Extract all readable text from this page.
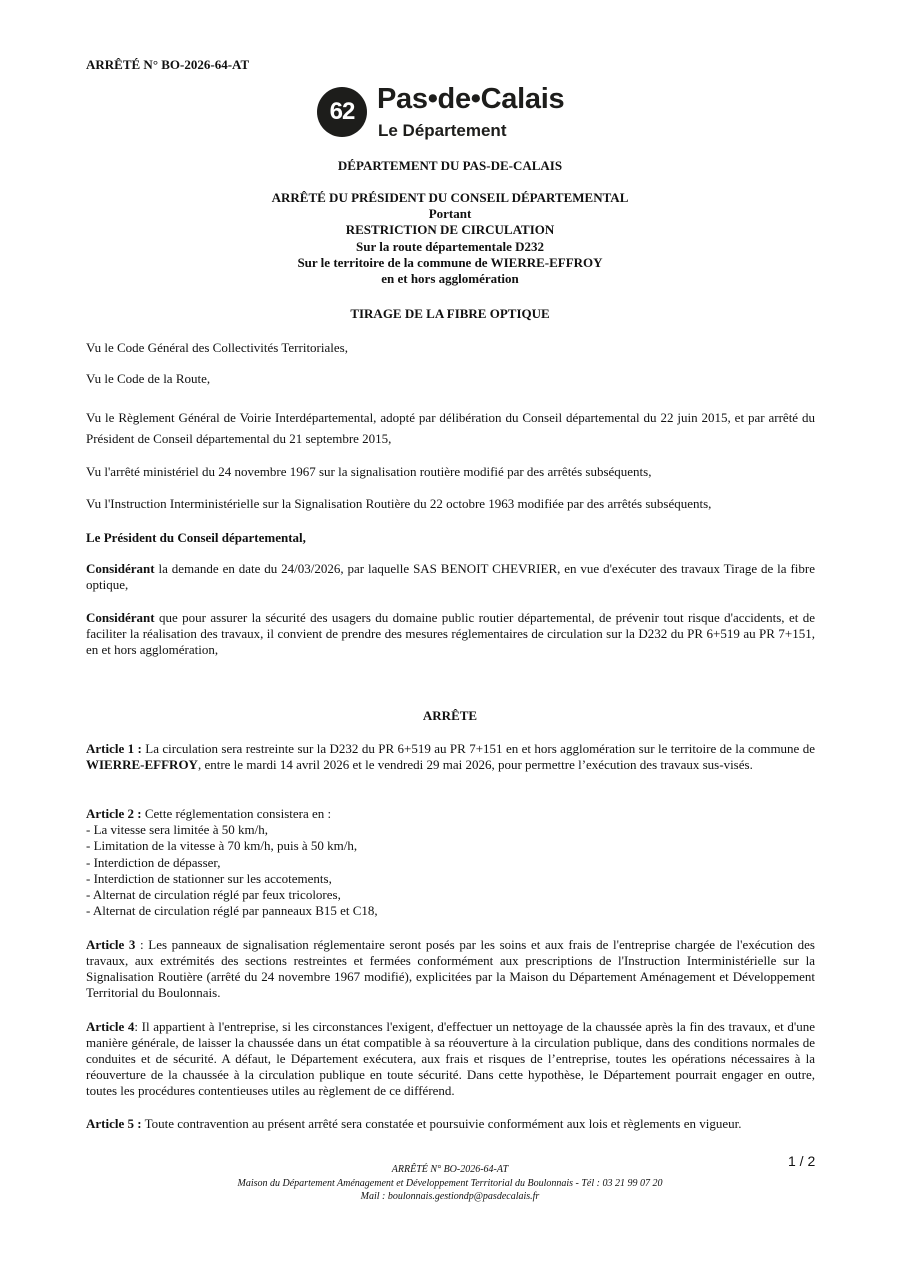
ARRÊTÉ N° BO-2026-64-AT
62 Pas•de•Calais
Le Département
DÉPARTEMENT DU PAS-DE-CALAIS
ARRÊTÉ DU PRÉSIDENT DU CONSEIL DÉPARTEMENTAL
Portant
RESTRICTION DE CIRCULATION
Sur la route départementale D232
Sur le territoire de la commune de WIERRE-EFFROY
en et hors agglomération
TIRAGE DE LA FIBRE OPTIQUE
Vu le Code Général des Collectivités Territoriales,
Vu le Code de la Route,
Vu le Règlement Général de Voirie Interdépartemental, adopté par délibération du Conseil départemental du 22 juin 2015, et par arrêté du Président de Conseil départemental du 21 septembre 2015,
Vu l'arrêté ministériel du 24 novembre 1967 sur la signalisation routière modifié par des arrêtés subséquents,
Vu l'Instruction Interministérielle sur la Signalisation Routière du 22 octobre 1963 modifiée par des arrêtés subséquents,
Le Président du Conseil départemental,
Considérant la demande en date du 24/03/2026, par laquelle SAS BENOIT CHEVRIER, en vue d'exécuter des travaux Tirage de la fibre optique,
Considérant que pour assurer la sécurité des usagers du domaine public routier départemental, de prévenir tout risque d'accidents, et de faciliter la réalisation des travaux, il convient de prendre des mesures réglementaires de circulation sur la D232 du PR 6+519 au PR 7+151, en et hors agglomération,
ARRÊTE
Article 1 : La circulation sera restreinte sur la D232 du PR 6+519 au PR 7+151 en et hors agglomération sur le territoire de la commune de WIERRE-EFFROY, entre le mardi 14 avril 2026 et le vendredi 29 mai 2026, pour permettre l’exécution des travaux sus-visés.
Article 2 : Cette réglementation consistera en :
- La vitesse sera limitée à 50 km/h,
- Limitation de la vitesse à 70 km/h, puis à 50 km/h,
- Interdiction de dépasser,
- Interdiction de stationner sur les accotements,
- Alternat de circulation réglé par feux tricolores,
- Alternat de circulation réglé par panneaux B15 et C18,
Article 3 : Les panneaux de signalisation réglementaire seront posés par les soins et aux frais de l'entreprise chargée de l'exécution des travaux, aux extrémités des sections restreintes et fermées conformément aux prescriptions de l'Instruction Interministérielle sur la Signalisation Routière (arrêté du 24 novembre 1967 modifié), explicitées par la Maison du Département Aménagement et Développement Territorial du Boulonnais.
Article 4: Il appartient à l'entreprise, si les circonstances l'exigent, d'effectuer un nettoyage de la chaussée après la fin des travaux, et d'une manière générale, de laisser la chaussée dans un état compatible à sa réouverture à la circulation publique, dans des conditions normales de conduites et de sécurité. A défaut, le Département exécutera, aux frais et risques de l’entreprise, toutes les opérations nécessaires à la réouverture de la chaussée à la circulation publique en toute sécurité. Dans cette hypothèse, le Département pourrait engager en outre, toutes les procédures contentieuses utiles au règlement de ce différend.
Article 5 : Toute contravention au présent arrêté sera constatée et poursuivie conformément aux lois et règlements en vigueur.
1 / 2
ARRÊTÉ N° BO-2026-64-AT
Maison du Département Aménagement et Développement Territorial du Boulonnais - Tél : 03 21 99 07 20
Mail : boulonnais.gestiondp@pasdecalais.fr
